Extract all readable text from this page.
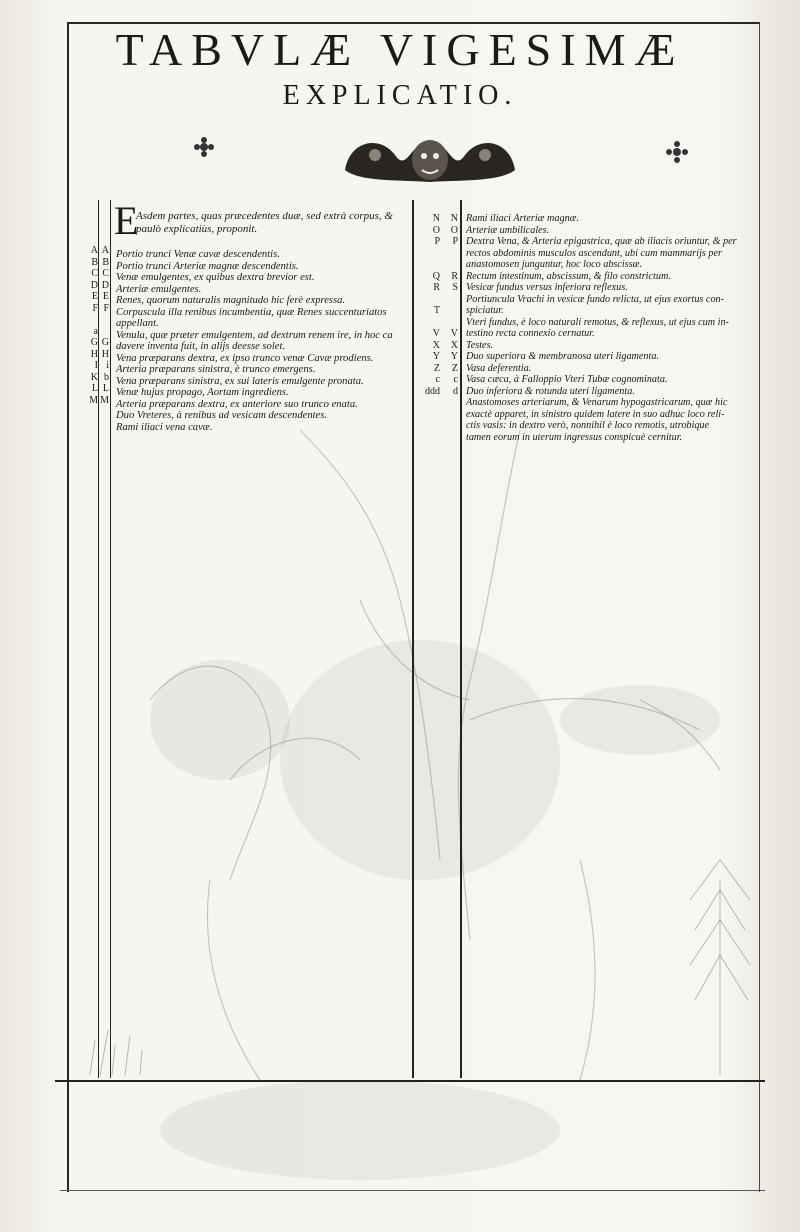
TABVLÆ VIGESIMÆ
EXPLICATIO.
E
Asdem partes, quas præcedentes duæ, sed extrà corpus, &
paulò explicatiùs, proponit.
A
B
C
D
E
F

a
G
H
I
K
L
M
A
B
C
D
E
F

G
H
i
b
L
M
Portio trunci Venæ cavæ descendentis.
Portio trunci Arteriæ magnæ descendentis.
Venæ emulgentes, ex quibus dextra brevior est.
Arteriæ emulgentes.
Renes, quorum naturalis magnitudo hic ferè expressa.
Corpuscula illa renibus incumbentia, quæ Renes succenturiatos
appellant.
Venula, quæ præter emulgentem, ad dextrum renem ire, in hoc ca
davere inventa fuit, in alijs deesse solet.
Vena præparans dextra, ex ipso trunco venæ Cavæ prodiens.
Arteria præparans sinistra, è trunco emergens.
Vena præparans sinistra, ex sui lateris emulgente pronata.
Venæ hujus propago, Aortam ingrediens.
Arteria præparans dextra, ex anteriore suo trunco enata.
Duo Vreteres, à renibus ad vesicam descendentes.
Rami iliaci vena cavæ.
N
O
P

Q
R

T

V
X
Y
Z
c
ddd
N
O
P

R
S

V
X
Y
Z
c
d
Rami iliaci Arteriæ magnæ.
Arteriæ umbilicales.
Dextra Vena, & Arteria epigastrica, quæ ab iliacis oriuntur, & per
rectos abdominis musculos ascendunt, ubi cum mammarijs per
anastomosen junguntur, hoc loco abscissæ.
Rectum intestinum, abscissum, & filo constrictum.
Vesicæ fundus versus inferiora reflexus.
Portiuncula Vrachi in vesicæ fundo relicta, ut ejus exortus con-
spiciatur.
Vteri fundus, è loco naturali remotus, & reflexus, ut ejus cum in-
testino recta connexio cernatur.
Testes.
Duo superiora & membranosa uteri ligamenta.
Vasa deferentia.
Vasa cæca, à Falloppio Vteri Tubæ cognominata.
Duo inferiora & rotunda uteri ligamenta.
Anastomoses arteriarum, & Venarum hypogastricarum, quæ hic
exactè apparet, in sinistro quidem latere in suo adhuc loco reli-
ctis vasis: in dextro verò, nonnihil è loco remotis, utrobique
tamen eorum in uterum ingressus conspicuè cernitur.
